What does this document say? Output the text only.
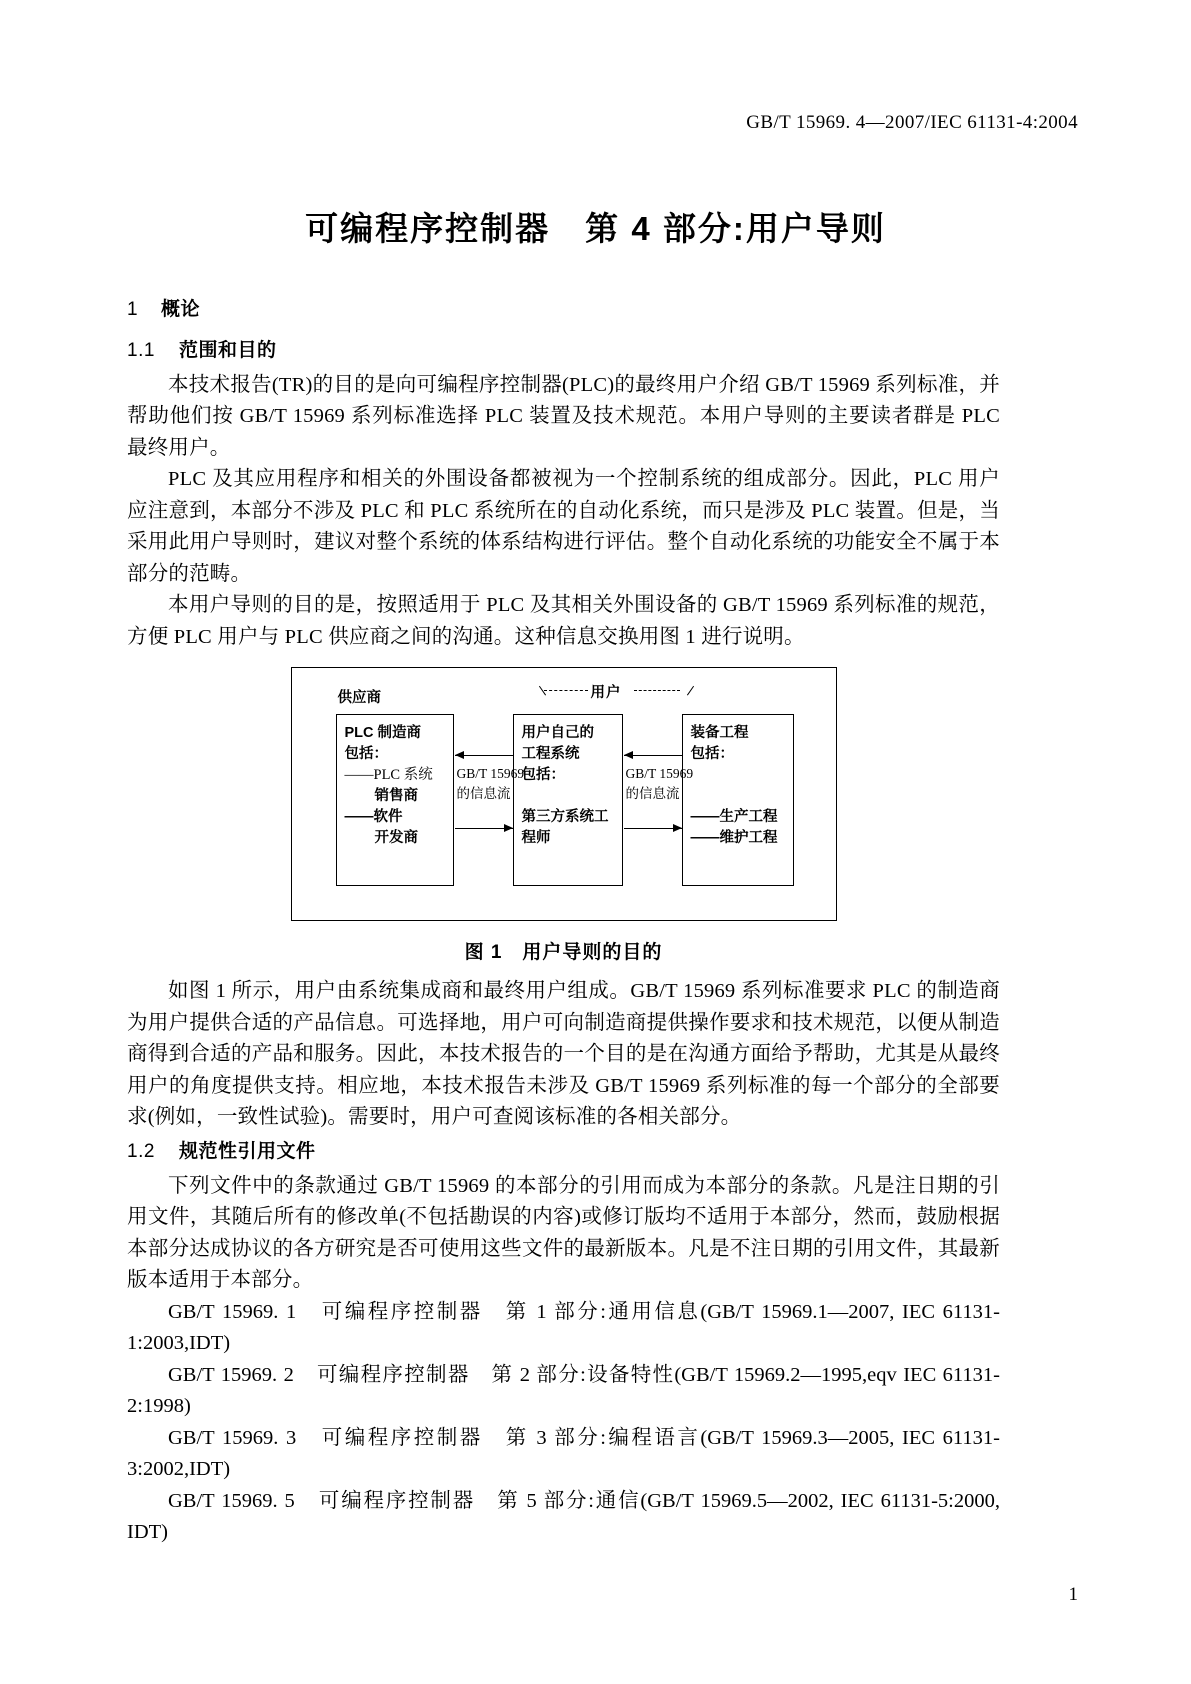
GB/T 15969. 4—2007/IEC 61131-4:2004
可编程序控制器　第 4 部分:用户导则
1 概论
1.1 范围和目的

本技术报告(TR)的目的是向可编程序控制器(PLC)的最终用户介绍 GB/T 15969 系列标准，并帮助他们按 GB/T 15969 系列标准选择 PLC 装置及技术规范。本用户导则的主要读者群是 PLC 最终用户。

PLC 及其应用程序和相关的外围设备都被视为一个控制系统的组成部分。因此，PLC 用户应注意到，本部分不涉及 PLC 和 PLC 系统所在的自动化系统，而只是涉及 PLC 装置。但是，当采用此用户导则时，建议对整个系统的体系结构进行评估。整个自动化系统的功能安全不属于本部分的范畴。

本用户导则的目的是，按照适用于 PLC 及其相关外围设备的 GB/T 15969 系列标准的规范，方便 PLC 用户与 PLC 供应商之间的沟通。这种信息交换用图 1 进行说明。

供应商	用户
PLC 制造商
包括：
——PLC 系统

销售商
——软件

开发商
GB/T 15969
的信息流
用户自己的
工程系统
包括：

第三方系统工
程师
GB/T 15969
的信息流
装备工程
包括：

——生产工程
——维护工程
图 1　用户导则的目的

如图 1 所示，用户由系统集成商和最终用户组成。GB/T 15969 系列标准要求 PLC 的制造商为用户提供合适的产品信息。可选择地，用户可向制造商提供操作要求和技术规范，以便从制造商得到合适的产品和服务。因此，本技术报告的一个目的是在沟通方面给予帮助，尤其是从最终用户的角度提供支持。相应地，本技术报告未涉及 GB/T 15969 系列标准的每一个部分的全部要求(例如，一致性试验)。需要时，用户可查阅该标准的各相关部分。

1.2 规范性引用文件

下列文件中的条款通过 GB/T 15969 的本部分的引用而成为本部分的条款。凡是注日期的引用文件，其随后所有的修改单(不包括勘误的内容)或修订版均不适用于本部分，然而，鼓励根据本部分达成协议的各方研究是否可使用这些文件的最新版本。凡是不注日期的引用文件，其最新版本适用于本部分。

GB/T 15969. 1　可编程序控制器　第 1 部分:通用信息(GB/T 15969.1—2007, IEC 61131-1:2003,IDT)

GB/T 15969. 2　可编程序控制器　第 2 部分:设备特性(GB/T 15969.2—1995,eqv IEC 61131-2:1998)

GB/T 15969. 3　可编程序控制器　第 3 部分:编程语言(GB/T 15969.3—2005, IEC 61131-3:2002,IDT)

GB/T 15969. 5　可编程序控制器　第 5 部分:通信(GB/T 15969.5—2002, IEC 61131-5:2000, IDT)

1
